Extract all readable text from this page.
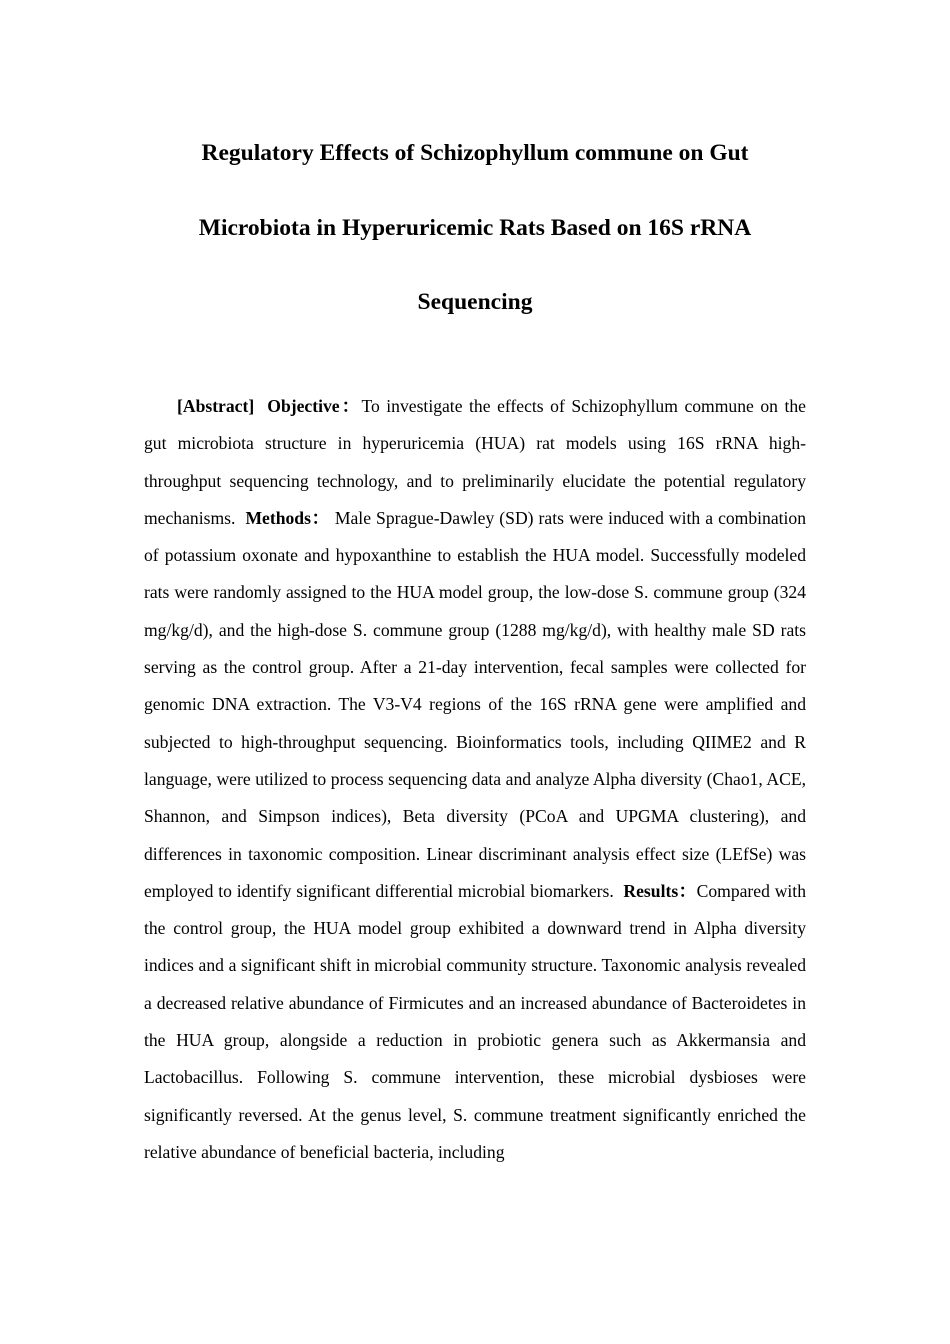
Regulatory Effects of Schizophyllum commune on Gut Microbiota in Hyperuricemic Rats Based on 16S rRNA Sequencing

[Abstract] Objective：To investigate the effects of Schizophyllum commune on the gut microbiota structure in hyperuricemia (HUA) rat models using 16S rRNA high-throughput sequencing technology, and to preliminarily elucidate the potential regulatory mechanisms. Methods： Male Sprague-Dawley (SD) rats were induced with a combination of potassium oxonate and hypoxanthine to establish the HUA model. Successfully modeled rats were randomly assigned to the HUA model group, the low-dose S. commune group (324 mg/kg/d), and the high-dose S. commune group (1288 mg/kg/d), with healthy male SD rats serving as the control group. After a 21-day intervention, fecal samples were collected for genomic DNA extraction. The V3-V4 regions of the 16S rRNA gene were amplified and subjected to high-throughput sequencing. Bioinformatics tools, including QIIME2 and R language, were utilized to process sequencing data and analyze Alpha diversity (Chao1, ACE, Shannon, and Simpson indices), Beta diversity (PCoA and UPGMA clustering), and differences in taxonomic composition. Linear discriminant analysis effect size (LEfSe) was employed to identify significant differential microbial biomarkers. Results：Compared with the control group, the HUA model group exhibited a downward trend in Alpha diversity indices and a significant shift in microbial community structure. Taxonomic analysis revealed a decreased relative abundance of Firmicutes and an increased abundance of Bacteroidetes in the HUA group, alongside a reduction in probiotic genera such as Akkermansia and Lactobacillus. Following S. commune intervention, these microbial dysbioses were significantly reversed. At the genus level, S. commune treatment significantly enriched the relative abundance of beneficial bacteria, including
